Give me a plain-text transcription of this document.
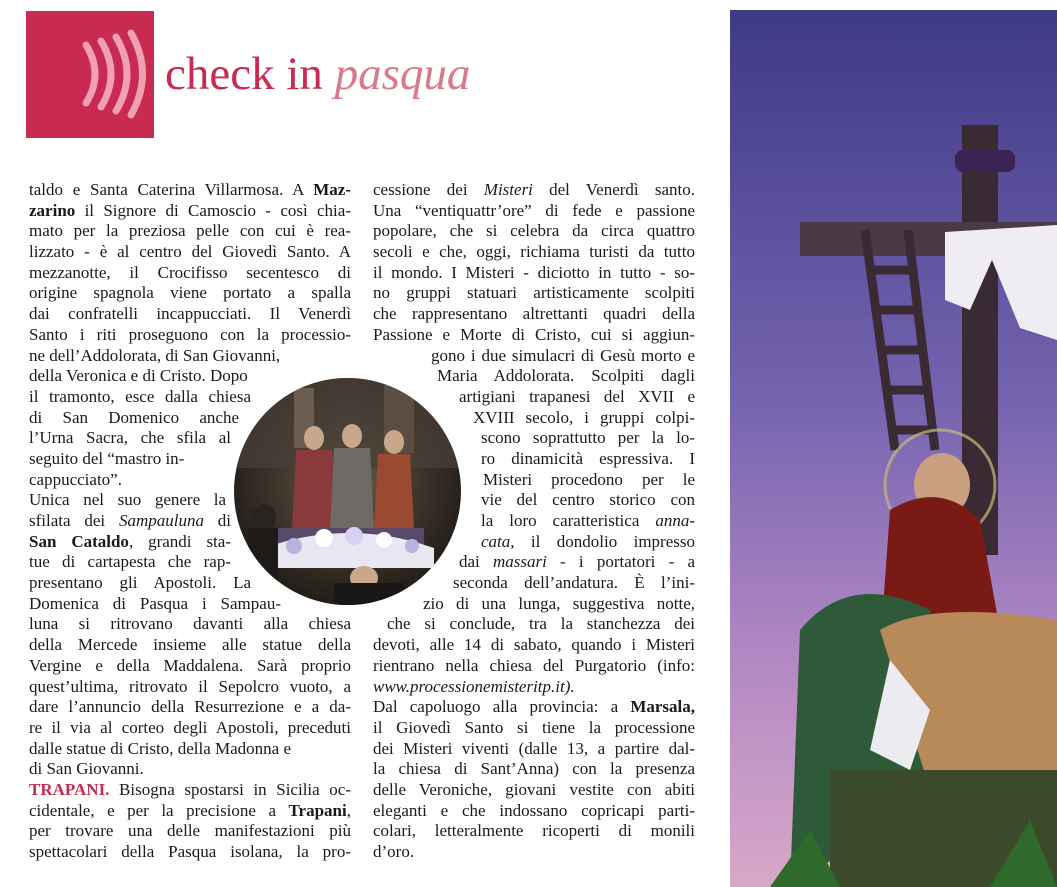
check in pasqua
taldo e Santa Caterina Villarmosa. A Maz-
zarino il Signore di Camoscio - così chia-
mato per la preziosa pelle con cui è rea-
lizzato - è al centro del Giovedì Santo. A
mezzanotte, il Crocifisso secentesco di
origine spagnola viene portato a spalla
dai confratelli incappucciati. Il Venerdì
Santo i riti proseguono con la processio-
ne dell’Addolorata, di San Giovanni,
della Veronica e di Cristo. Dopo
il tramonto, esce dalla chiesa
di San Domenico anche
l’Urna Sacra, che sfila al
seguito del “mastro in-
cappucciato”.
Unica nel suo genere la
sfilata dei Sampauluna di
San Cataldo, grandi sta-
tue di cartapesta che rap-
presentano gli Apostoli. La
Domenica di Pasqua i Sampau-
luna si ritrovano davanti alla chiesa
della Mercede insieme alle statue della
Vergine e della Maddalena. Sarà proprio
quest’ultima, ritrovato il Sepolcro vuoto, a
dare l’annuncio della Resurrezione e a da-
re il via al corteo degli Apostoli, preceduti
dalle statue di Cristo, della Madonna e
di San Giovanni.
TRAPANI. Bisogna spostarsi in Sicilia oc-
cidentale, e per la precisione a Trapani,
per trovare una delle manifestazioni più
spettacolari della Pasqua isolana, la pro-
cessione dei Misteri del Venerdì santo.
Una “ventiquattr’ore” di fede e passione
popolare, che si celebra da circa quattro
secoli e che, oggi, richiama turisti da tutto
il mondo. I Misteri - diciotto in tutto - so-
no gruppi statuari artisticamente scolpiti
che rappresentano altrettanti quadri della
Passione e Morte di Cristo, cui si aggiun-
gono i due simulacri di Gesù morto e
Maria Addolorata. Scolpiti dagli
artigiani trapanesi del XVII e
XVIII secolo, i gruppi colpi-
scono soprattutto per la lo-
ro dinamicità espressiva. I
Misteri procedono per le
vie del centro storico con
la loro caratteristica anna-
cata, il dondolio impresso
dai massari - i portatori - a
seconda dell’andatura. È l’ini-
zio di una lunga, suggestiva notte,
che si conclude, tra la stanchezza dei
devoti, alle 14 di sabato, quando i Misteri
rientrano nella chiesa del Purgatorio (info:
www.processionemisteritp.it).
Dal capoluogo alla provincia: a Marsala,
il Giovedì Santo si tiene la processione
dei Misteri viventi (dalle 13, a partire dal-
la chiesa di Sant’Anna) con la presenza
delle Veroniche, giovani vestite con abiti
eleganti e che indossano copricapi parti-
colari, letteralmente ricoperti di monili
d’oro.
